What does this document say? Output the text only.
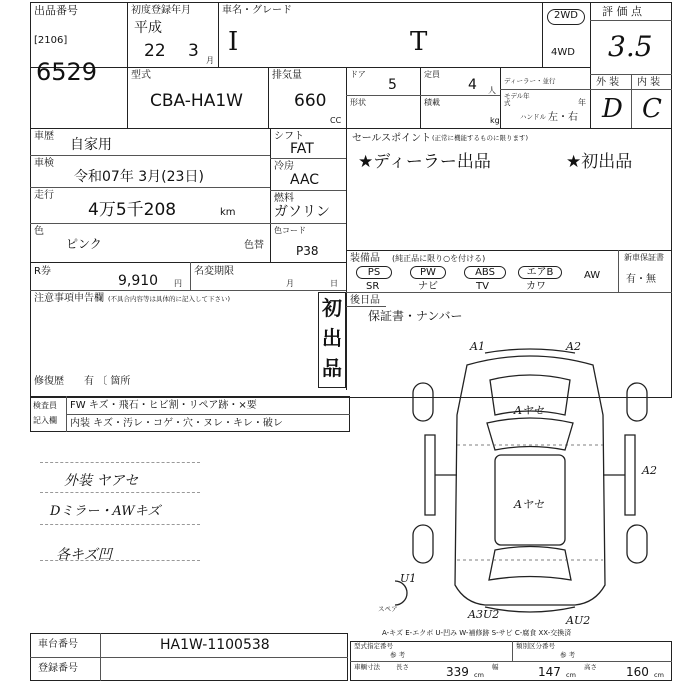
出品番号
[2106]
6529
初度登録年月
平成
22 3 月
車名・グレード
I	T
2WD
4WD
評 価 点
3.5
型式
CBA-HA1W
排気量
660
CC
ドア
5
定員
4 人
形状	積載
kg
ディーラー・並行
モデル年式	年
ハンドル 左・右
外 装 内 装
D C
車歴
自家用
車検
令和07年 3月(23日)
走行
4万5千208	km
色
ピンク	色替
R券
9,910 円
名変期限
月	日
注意事項申告欄 (不具合内容等は具体的に記入して下さい)
修復歴 有 〔 箇所
初
出
品
シフト
FAT
冷房
AAC
燃料
ガソリン
色コード
P38
セールスポイント (正常に機能するものに限ります)
★ディーラー出品	★初出品
装備品 (純正品に限り○を付ける)
PS
SR
PW
ナビ
ABS
TV
エアB
カワ
AW
新車保証書
有・無
後日品
保証書・ナンバー
検査員
記入欄
FW キズ・飛石・ヒビ割・リペア跡・×要
内装 キズ・汚レ・コゲ・穴・ヌレ・キレ・破レ
外装 ヤアセ
Dミラー・AWキズ
各キズ凹
A1	A2
Aヤセ
A2
Aヤセ
U1
A3U2	AU2
スペア
A-キズ E-エクボ U-凹み W-補修跡 S-サビ C-腐食 XX-交換済
車台番号	HA1W-1100538
登録番号
型式指定番号
参 考
類別区分番号
参 考
車輌寸法 長さ	339 cm
幅	147 cm
高さ 160 cm
